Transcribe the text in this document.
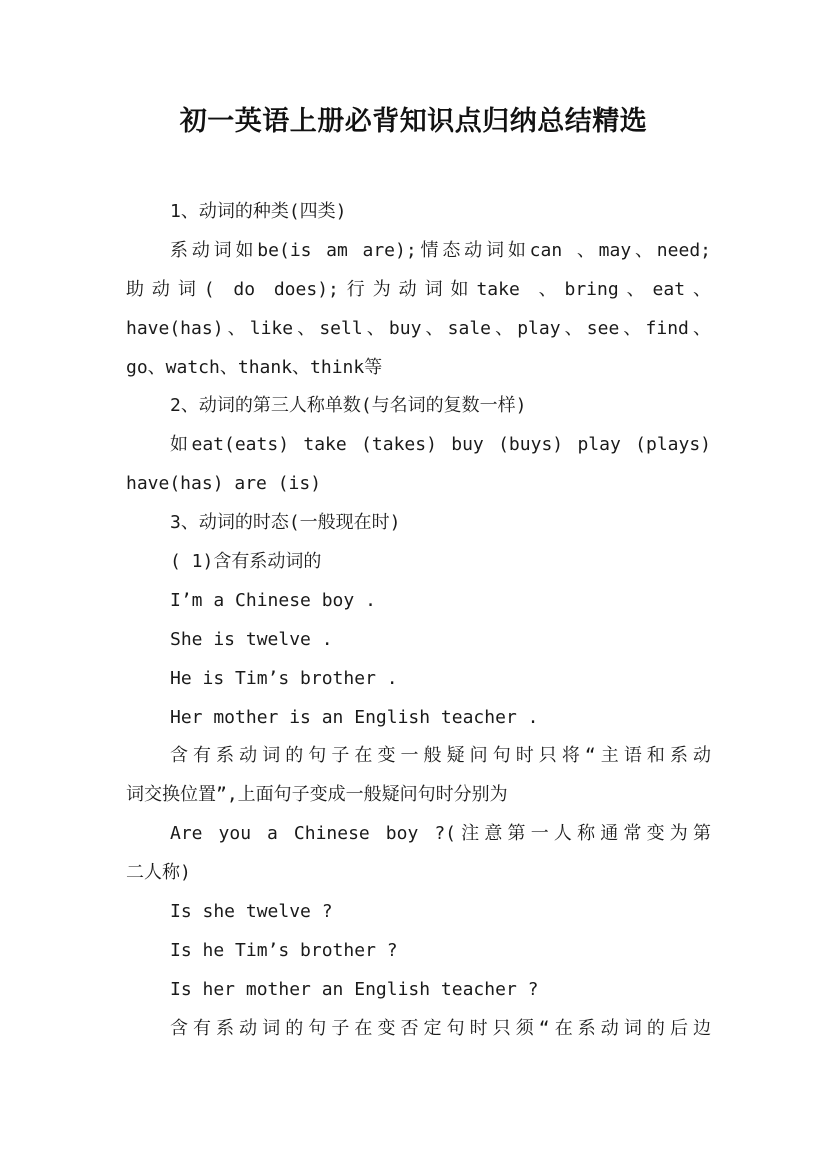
初一英语上册必背知识点归纳总结精选
1、动词的种类(四类)
系动词如be(is am are);情态动词如can 、may、need;
助动词( do does);行为动词如take 、bring、eat、
have(has)、like、sell、buy、sale、play、see、find、
go、watch、thank、think等
2、动词的第三人称单数(与名词的复数一样)
如eat(eats) take (takes) buy (buys) play (plays)
have(has) are (is)
3、动词的时态(一般现在时)
( 1)含有系动词的
I’m a Chinese boy .
She is twelve .
He is Tim’s brother .
Her mother is an English teacher .
含有系动词的句子在变一般疑问句时只将“主语和系动
词交换位置”,上面句子变成一般疑问句时分别为
Are you a Chinese boy ?(注意第一人称通常变为第
二人称)
Is she twelve ?
Is he Tim’s brother ?
Is her mother an English teacher ?
含有系动词的句子在变否定句时只须“在系动词的后边
